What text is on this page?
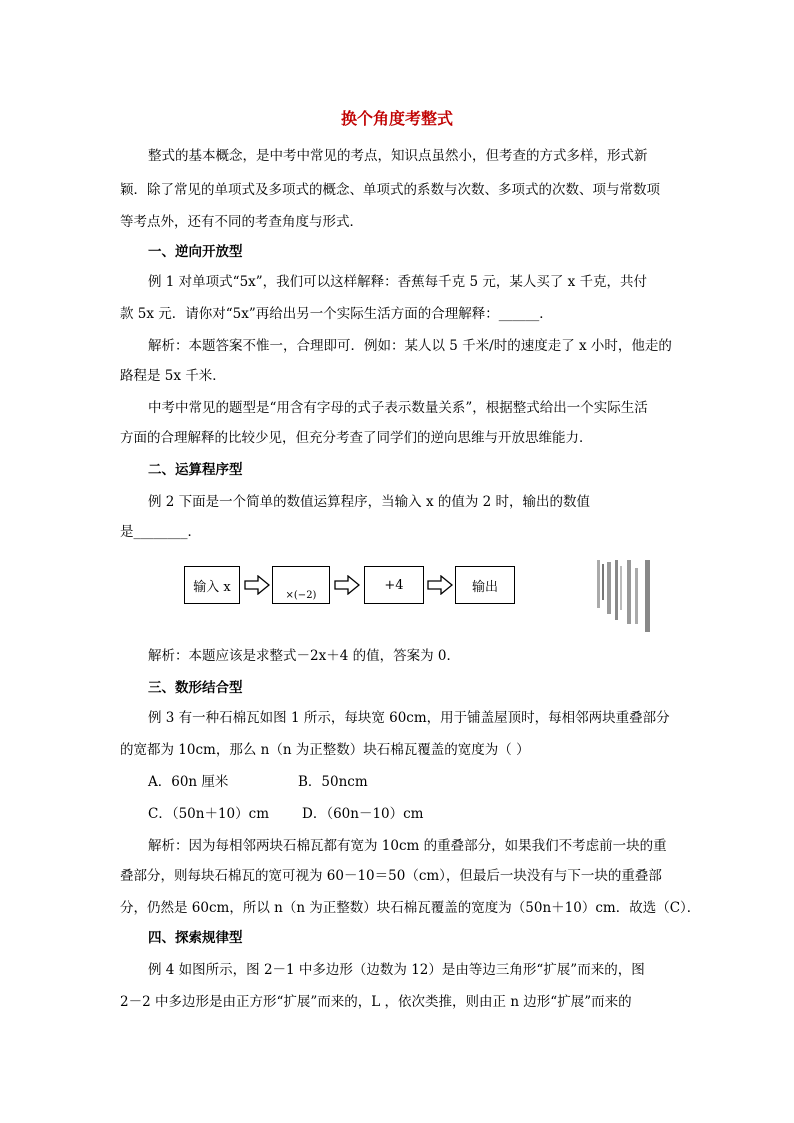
换个角度考整式
整式的基本概念，是中考中常见的考点，知识点虽然小，但考查的方式多样，形式新
颖．除了常见的单项式及多项式的概念、单项式的系数与次数、多项式的次数、项与常数项
等考点外，还有不同的考查角度与形式．
一、逆向开放型
例 1 对单项式“5x”，我们可以这样解释：香蕉每千克 5 元，某人买了 x 千克，共付
款 5x 元．请你对“5x”再给出另一个实际生活方面的合理解释：______．
解析：本题答案不惟一，合理即可．例如：某人以 5 千米/时的速度走了 x 小时，他走的
路程是 5x 千米．
中考中常见的题型是“用含有字母的式子表示数量关系”，根据整式给出一个实际生活
方面的合理解释的比较少见，但充分考查了同学们的逆向思维与开放思维能力．
二、运算程序型
例 2 下面是一个简单的数值运算程序，当输入 x 的值为 2 时，输出的数值
是________．
输入 x
×(−2)
+4	输出
解析：本题应该是求整式－2x＋4 的值，答案为 0．
三、数形结合型
例 3 有一种石棉瓦如图 1 所示，每块宽 60cm，用于铺盖屋顶时，每相邻两块重叠部分
的宽都为 10cm，那么 n（n 为正整数）块石棉瓦覆盖的宽度为（ ）
A．60n 厘米	B．50ncm
C．（50n＋10）cm D．（60n－10）cm
解析：因为每相邻两块石棉瓦都有宽为 10cm 的重叠部分，如果我们不考虑前一块的重
叠部分，则每块石棉瓦的宽可视为 60－10＝50（cm），但最后一块没有与下一块的重叠部
分，仍然是 60cm，所以 n（n 为正整数）块石棉瓦覆盖的宽度为（50n＋10）cm．故选（C）．
四、探索规律型
例 4 如图所示，图 2－1 中多边形（边数为 12）是由等边三角形“扩展”而来的，图
2－2 中多边形是由正方形“扩展”而来的，L ，依次类推，则由正 n 边形“扩展”而来的
